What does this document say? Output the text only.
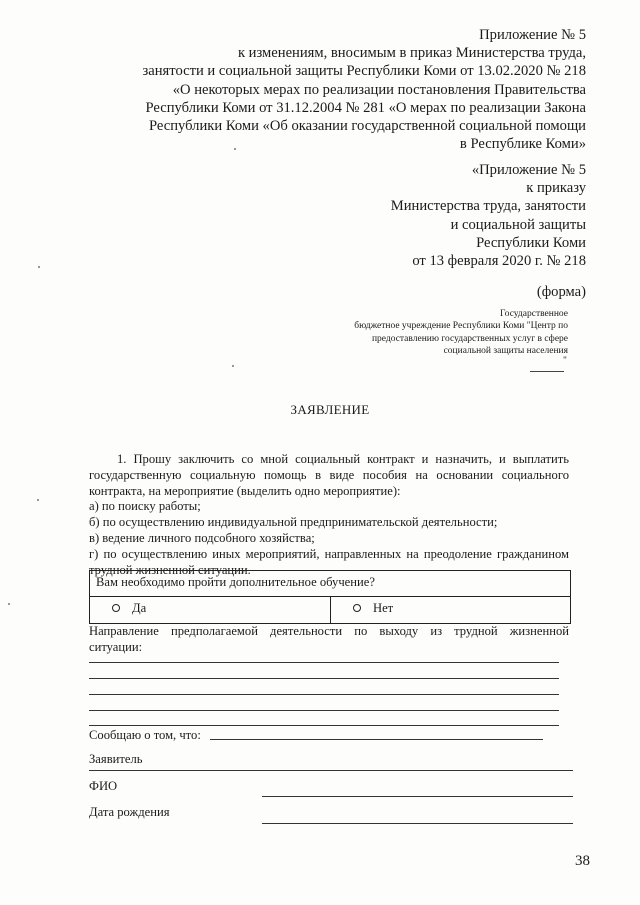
Приложение № 5
к изменениям, вносимым в приказ Министерства труда,
занятости и социальной защиты Республики Коми от 13.02.2020 № 218
«О некоторых мерах по реализации постановления Правительства
Республики Коми от 31.12.2004 № 281 «О мерах по реализации Закона
Республики Коми «Об оказании государственной социальной помощи
в Республике Коми»
«Приложение № 5
к приказу
Министерства труда, занятости
и социальной защиты
Республики Коми
от 13 февраля 2020 г. № 218
(форма)
Государственное
бюджетное учреждение Республики Коми "Центр по
предоставлению государственных услуг в сфере
социальной защиты населения
"
ЗАЯВЛЕНИЕ
1. Прошу заключить со мной социальный контракт и назначить, и выплатить
государственную социальную помощь в виде пособия на основании социального
контракта, на мероприятие (выделить одно мероприятие):
а) по поиску работы;
б) по осуществлению индивидуальной предпринимательской деятельности;
в) ведение личного подсобного хозяйства;
г) по осуществлению иных мероприятий, направленных на преодоление гражданином
трудной жизненной ситуации.
Вам необходимо пройти дополнительное обучение?
Да	Нет
Направление предполагаемой деятельности по выходу из трудной жизненной
ситуации:
Сообщаю о том, что:
Заявитель
ФИО
Дата рождения
38
